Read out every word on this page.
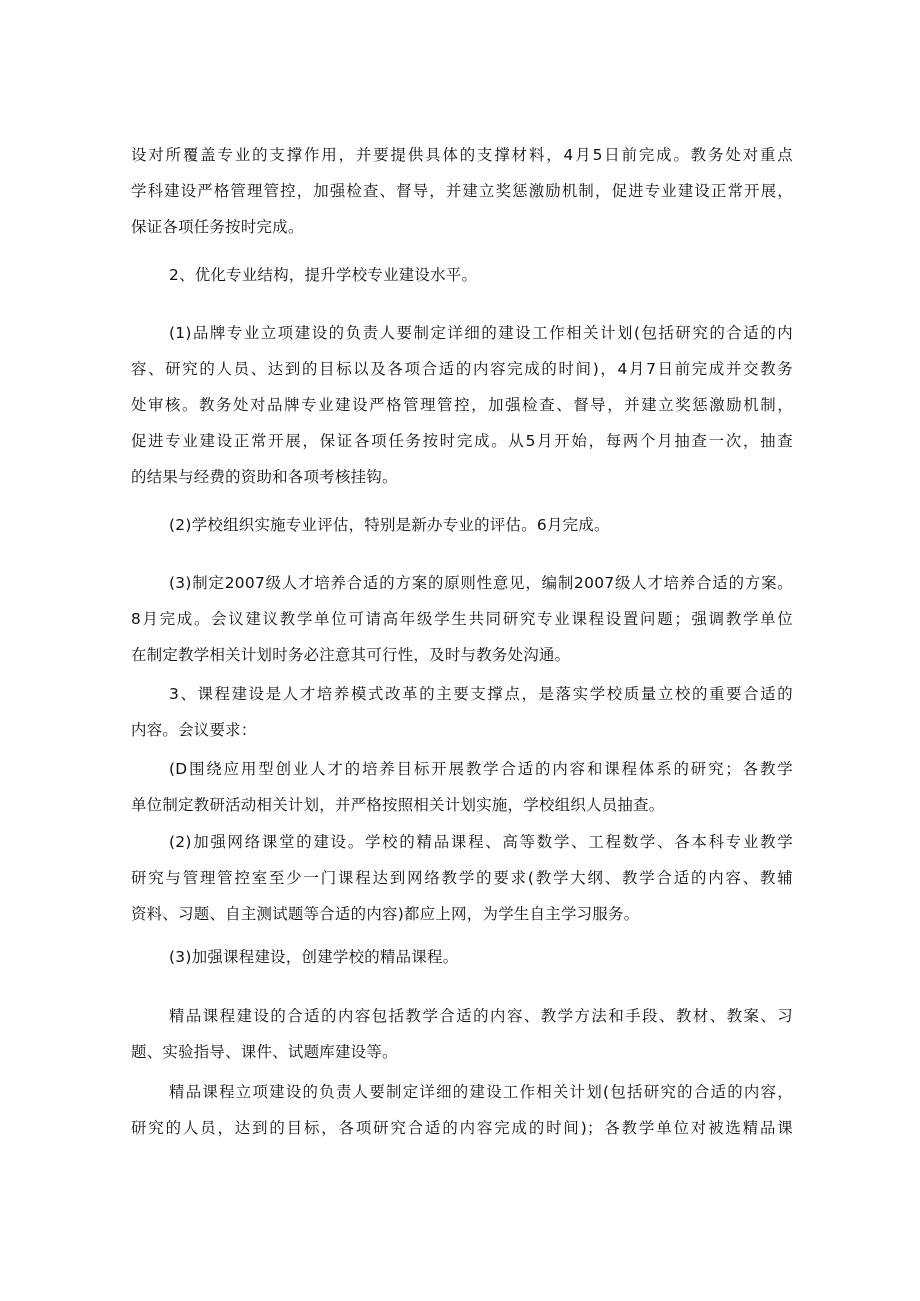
设对所覆盖专业的支撑作用，并要提供具体的支撑材料，4月5日前完成。教务处对重点
学科建设严格管理管控，加强检查、督导，并建立奖惩激励机制，促进专业建设正常开展，
保证各项任务按时完成。
2、优化专业结构，提升学校专业建设水平。
(1)品牌专业立项建设的负责人要制定详细的建设工作相关计划(包括研究的合适的内
容、研究的人员、达到的目标以及各项合适的内容完成的时间)，4月7日前完成并交教务
处审核。教务处对品牌专业建设严格管理管控，加强检查、督导，并建立奖惩激励机制，
促进专业建设正常开展，保证各项任务按时完成。从5月开始，每两个月抽查一次，抽查
的结果与经费的资助和各项考核挂钩。
(2)学校组织实施专业评估，特别是新办专业的评估。6月完成。
(3)制定2007级人才培养合适的方案的原则性意见，编制2007级人才培养合适的方案。
8月完成。会议建议教学单位可请高年级学生共同研究专业课程设置问题；强调教学单位
在制定教学相关计划时务必注意其可行性，及时与教务处沟通。
3、课程建设是人才培养模式改革的主要支撑点，是落实学校质量立校的重要合适的
内容。会议要求：
(D围绕应用型创业人才的培养目标开展教学合适的内容和课程体系的研究；各教学
单位制定教研活动相关计划，并严格按照相关计划实施，学校组织人员抽查。
(2)加强网络课堂的建设。学校的精品课程、高等数学、工程数学、各本科专业教学
研究与管理管控室至少一门课程达到网络教学的要求(教学大纲、教学合适的内容、教辅
资料、习题、自主测试题等合适的内容)都应上网，为学生自主学习服务。
(3)加强课程建设，创建学校的精品课程。
精品课程建设的合适的内容包括教学合适的内容、教学方法和手段、教材、教案、习
题、实验指导、课件、试题库建设等。
精品课程立项建设的负责人要制定详细的建设工作相关计划(包括研究的合适的内容，
研究的人员，达到的目标，各项研究合适的内容完成的时间)；各教学单位对被选精品课
